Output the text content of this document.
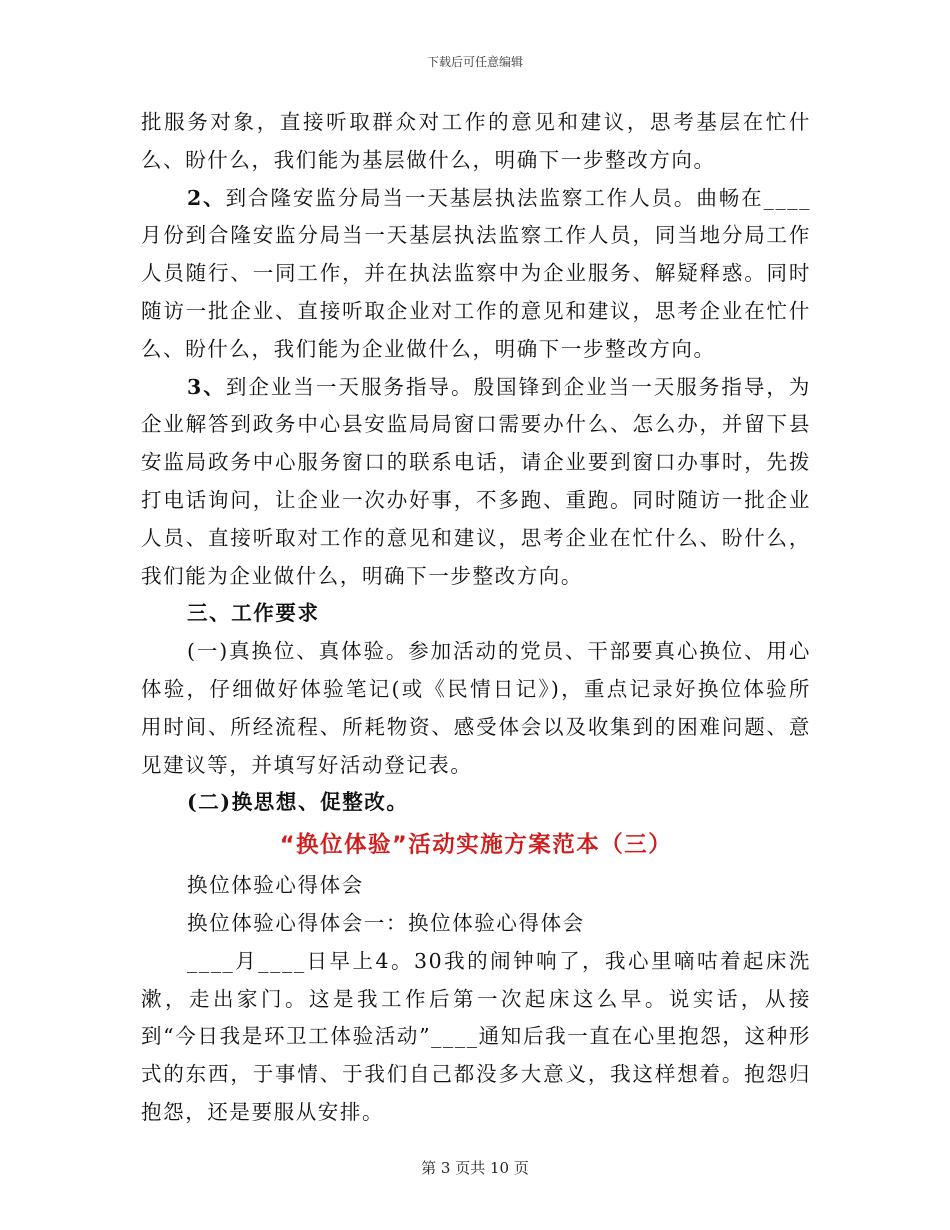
下载后可任意编辑

批服务对象，直接听取群众对工作的意见和建议，思考基层在忙什么、盼什么，我们能为基层做什么，明确下一步整改方向。

2、到合隆安监分局当一天基层执法监察工作人员。曲畅在____月份到合隆安监分局当一天基层执法监察工作人员，同当地分局工作人员随行、一同工作，并在执法监察中为企业服务、解疑释惑。同时随访一批企业、直接听取企业对工作的意见和建议，思考企业在忙什么、盼什么，我们能为企业做什么，明确下一步整改方向。

3、到企业当一天服务指导。殷国锋到企业当一天服务指导，为企业解答到政务中心县安监局局窗口需要办什么、怎么办，并留下县安监局政务中心服务窗口的联系电话，请企业要到窗口办事时，先拨打电话询问，让企业一次办好事，不多跑、重跑。同时随访一批企业人员、直接听取对工作的意见和建议，思考企业在忙什么、盼什么，我们能为企业做什么，明确下一步整改方向。

三、工作要求

(一)真换位、真体验。参加活动的党员、干部要真心换位、用心体验，仔细做好体验笔记(或《民情日记》)，重点记录好换位体验所用时间、所经流程、所耗物资、感受体会以及收集到的困难问题、意见建议等，并填写好活动登记表。

(二)换思想、促整改。

“换位体验”活动实施方案范本（三）

换位体验心得体会

换位体验心得体会一：换位体验心得体会

____月____日早上4。30我的闹钟响了，我心里嘀咕着起床洗漱，走出家门。这是我工作后第一次起床这么早。说实话，从接到“今日我是环卫工体验活动”____通知后我一直在心里抱怨，这种形式的东西，于事情、于我们自己都没多大意义，我这样想着。抱怨归抱怨，还是要服从安排。

第 3 页共 10 页
